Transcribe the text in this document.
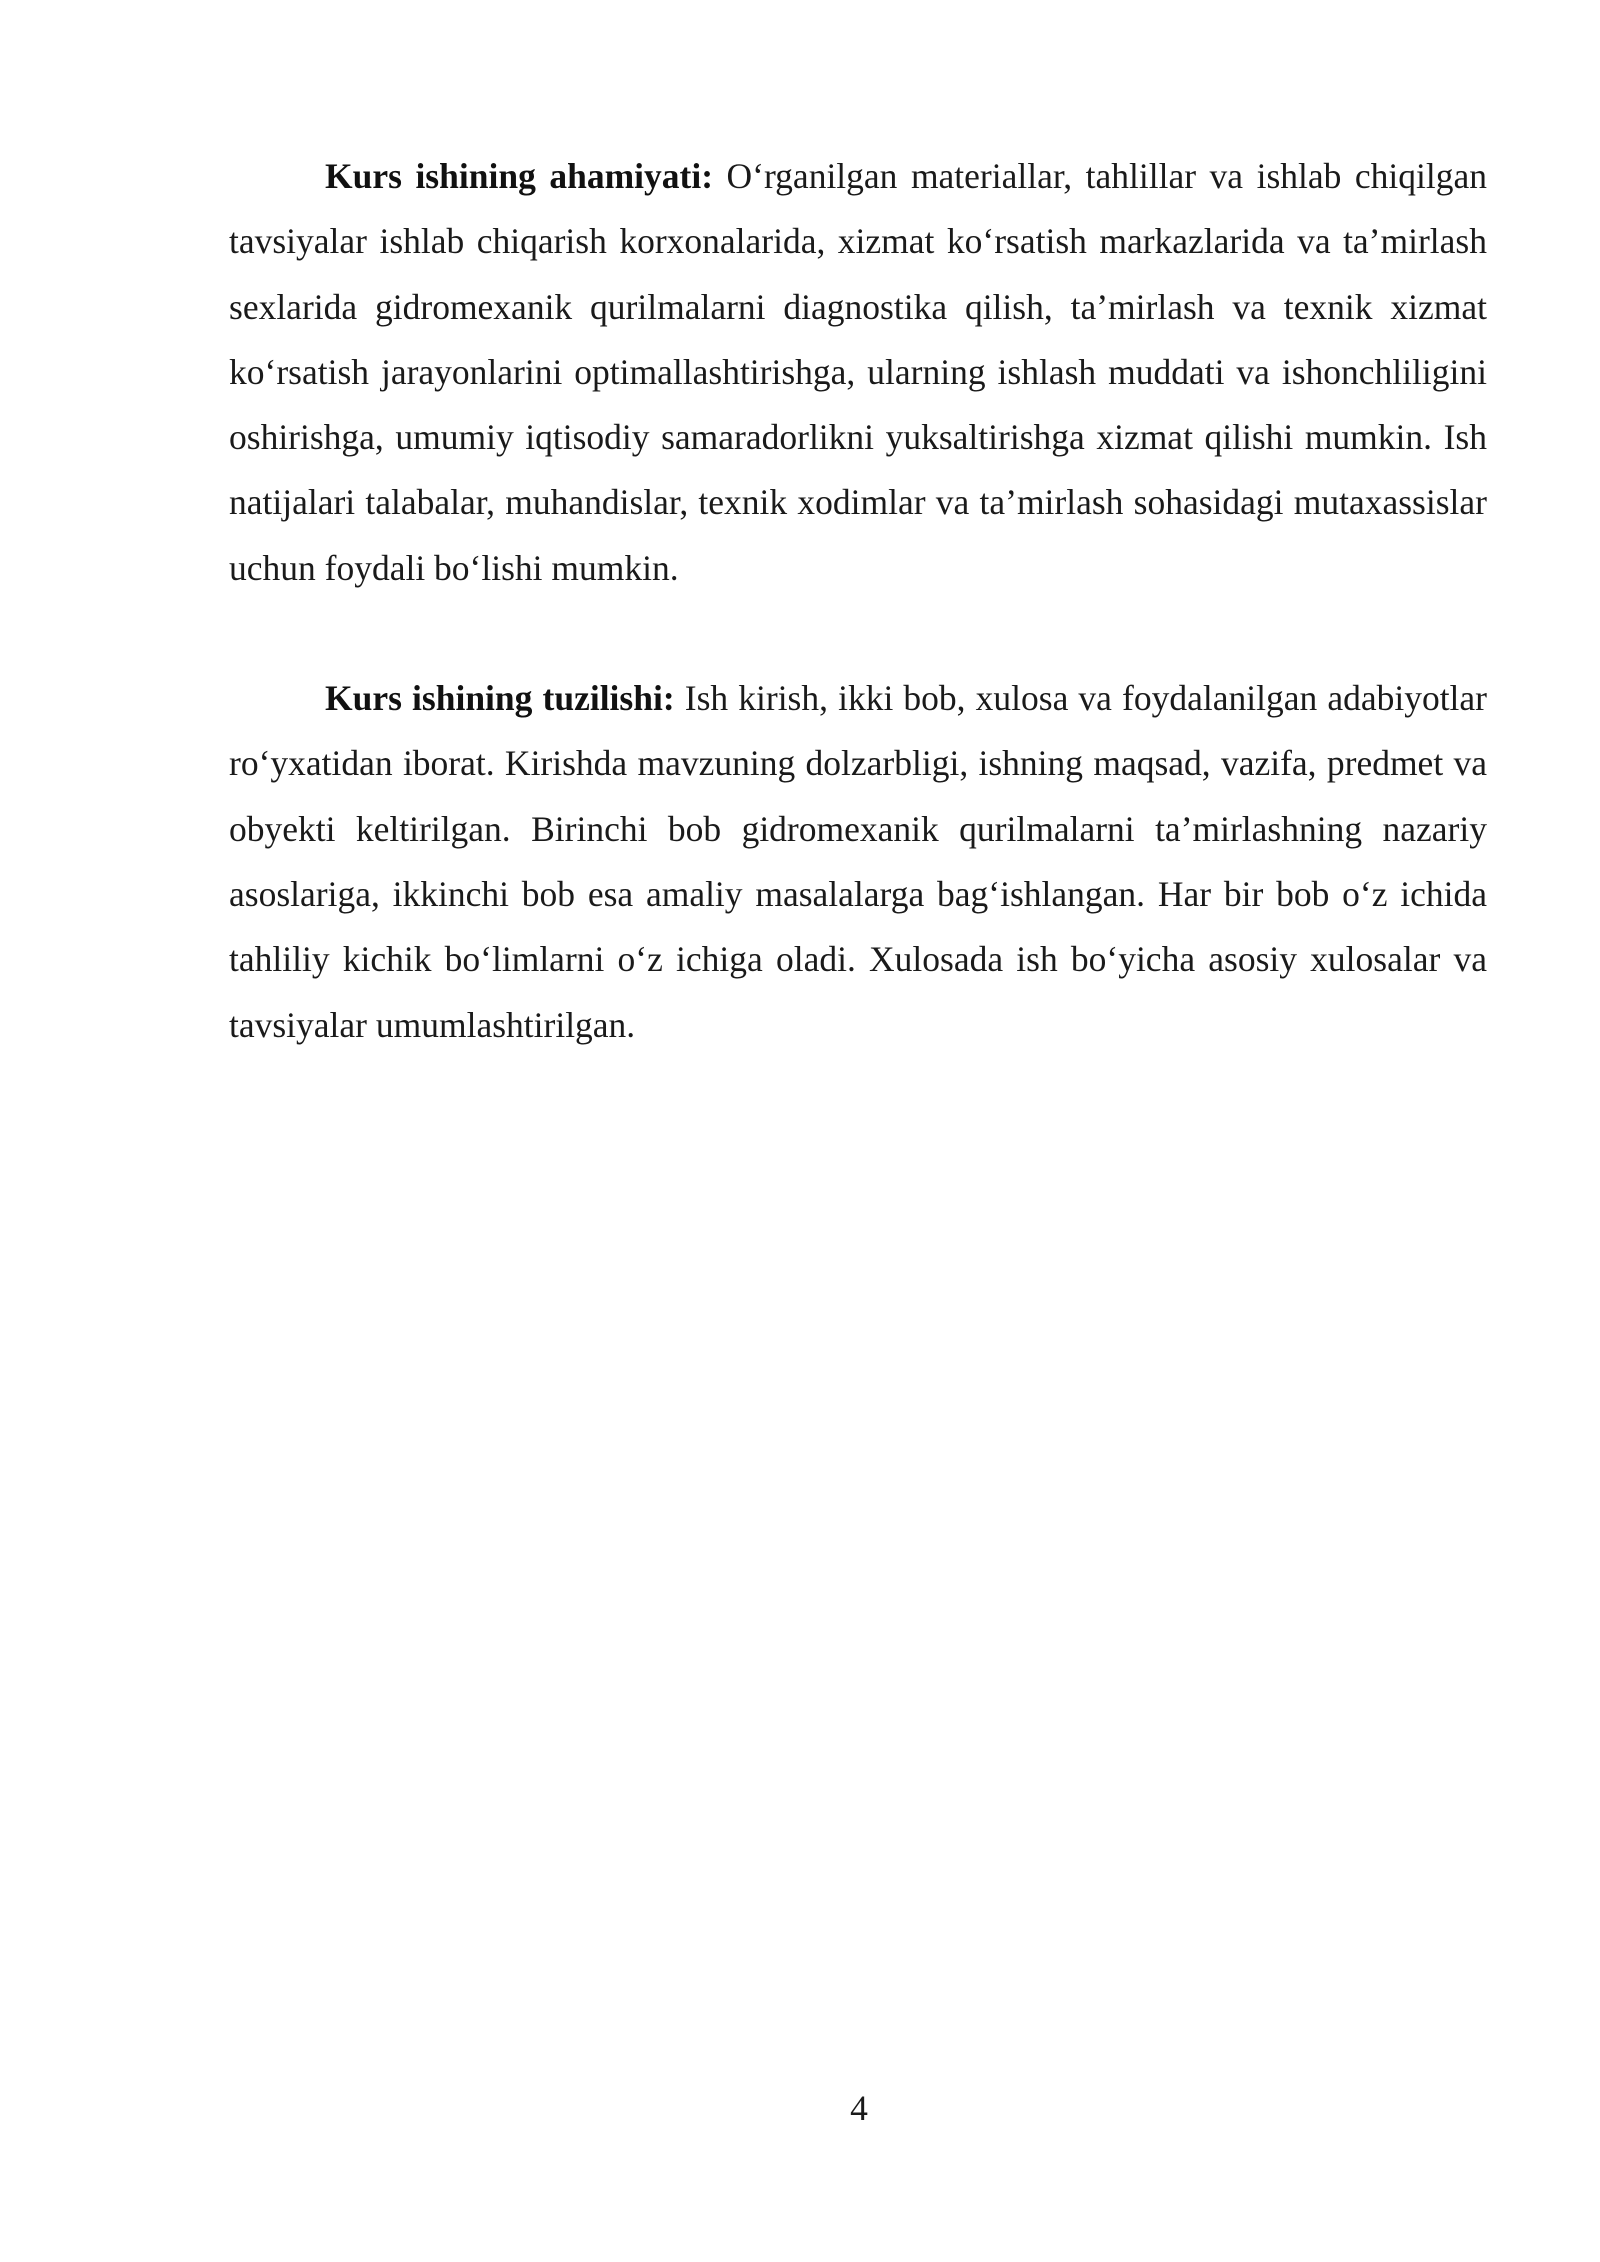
Kurs ishining ahamiyati: O‘rganilgan materiallar, tahlillar va ishlab chiqilgan tavsiyalar ishlab chiqarish korxonalarida, xizmat ko‘rsatish markazlarida va ta’mirlash sexlarida gidromexanik qurilmalarni diagnostika qilish, ta’mirlash va texnik xizmat ko‘rsatish jarayonlarini optimallashtirishga, ularning ishlash muddati va ishonchliligini oshirishga, umumiy iqtisodiy samaradorlikni yuksaltirishga xizmat qilishi mumkin. Ish natijalari talabalar, muhandislar, texnik xodimlar va ta’mirlash sohasidagi mutaxassislar uchun foydali bo‘lishi mumkin.

Kurs ishining tuzilishi: Ish kirish, ikki bob, xulosa va foydalanilgan adabiyotlar ro‘yxatidan iborat. Kirishda mavzuning dolzarbligi, ishning maqsad, vazifa, predmet va obyekti keltirilgan. Birinchi bob gidromexanik qurilmalarni ta’mirlashning nazariy asoslariga, ikkinchi bob esa amaliy masalalarga bag‘ishlangan. Har bir bob o‘z ichida tahliliy kichik bo‘limlarni o‘z ichiga oladi. Xulosada ish bo‘yicha asosiy xulosalar va tavsiyalar umumlashtirilgan.

4
